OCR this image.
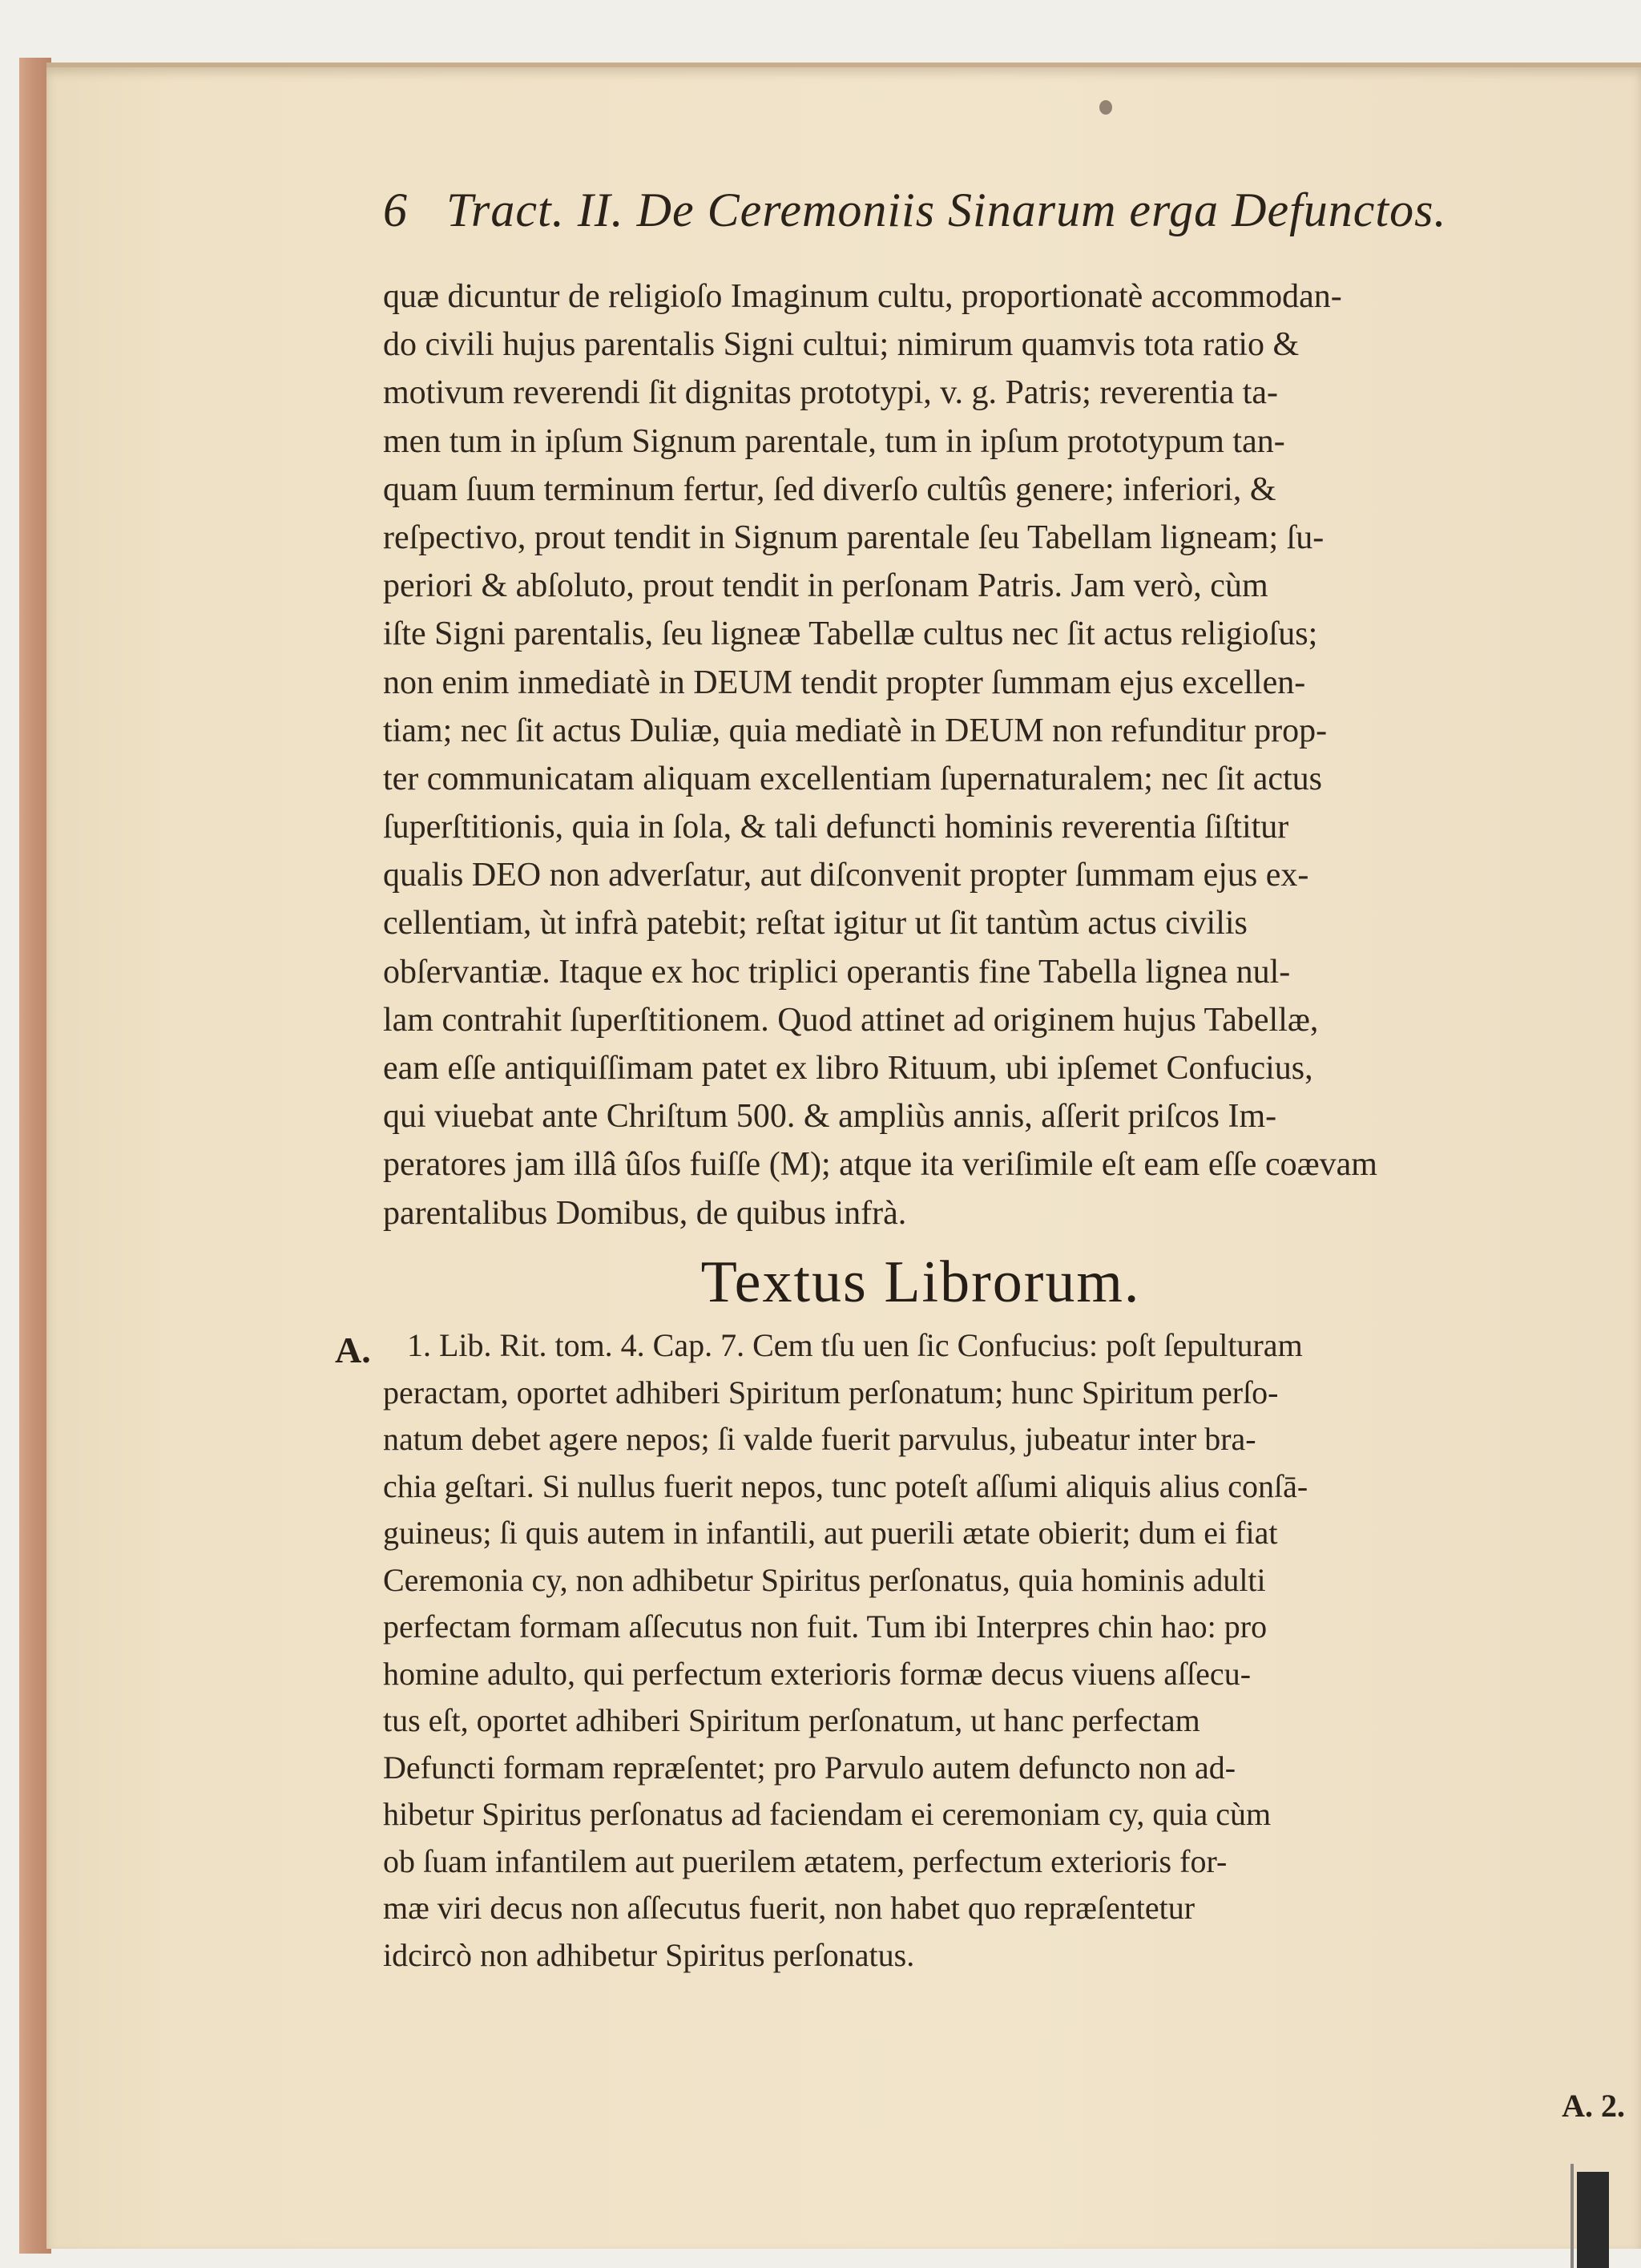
6 Tract. II. De Ceremoniis Sinarum erga Defunctos.
quæ dicuntur de religioſo Imaginum cultu, proportionatè accommodan-
do civili hujus parentalis Signi cultui; nimirum quamvis tota ratio &
motivum reverendi ſit dignitas prototypi, v. g. Patris; reverentia ta-
men tum in ipſum Signum parentale, tum in ipſum prototypum tan-
quam ſuum terminum fertur, ſed diverſo cultûs genere; inferiori, &
reſpectivo, prout tendit in Signum parentale ſeu Tabellam ligneam; ſu-
periori & abſoluto, prout tendit in perſonam Patris. Jam verò, cùm
iſte Signi parentalis, ſeu ligneæ Tabellæ cultus nec ſit actus religioſus;
non enim inmediatè in DEUM tendit propter ſummam ejus excellen-
tiam; nec ſit actus Duliæ, quia mediatè in DEUM non refunditur prop-
ter communicatam aliquam excellentiam ſupernaturalem; nec ſit actus
ſuperſtitionis, quia in ſola, & tali defuncti hominis reverentia ſiſtitur
qualis DEO non adverſatur, aut diſconvenit propter ſummam ejus ex-
cellentiam, ùt infrà patebit; reſtat igitur ut ſit tantùm actus civilis
obſervantiæ. Itaque ex hoc triplici operantis fine Tabella lignea nul-
lam contrahit ſuperſtitionem. Quod attinet ad originem hujus Tabellæ,
eam eſſe antiquiſſimam patet ex libro Rituum, ubi ipſemet Confucius,
qui viuebat ante Chriſtum 500. & ampliùs annis, aſſerit priſcos Im-
peratores jam illâ ûſos fuiſſe (M); atque ita veriſimile eſt eam eſſe coævam
parentalibus Domibus, de quibus infrà.
Textus Librorum.
A.	1. Lib. Rit. tom. 4. Cap. 7. Cem tſu uen ſic Confucius: poſt ſepulturam
peractam, oportet adhiberi Spiritum perſonatum; hunc Spiritum perſo-
natum debet agere nepos; ſi valde fuerit parvulus, jubeatur inter bra-
chia geſtari. Si nullus fuerit nepos, tunc poteſt aſſumi aliquis alius conſā-
guineus; ſi quis autem in infantili, aut puerili ætate obierit; dum ei fiat
Ceremonia cy, non adhibetur Spiritus perſonatus, quia hominis adulti
perfectam formam aſſecutus non fuit. Tum ibi Interpres chin hao: pro
homine adulto, qui perfectum exterioris formæ decus viuens aſſecu-
tus eſt, oportet adhiberi Spiritum perſonatum, ut hanc perfectam
Defuncti formam repræſentet; pro Parvulo autem defuncto non ad-
hibetur Spiritus perſonatus ad faciendam ei ceremoniam cy, quia cùm
ob ſuam infantilem aut puerilem ætatem, perfectum exterioris for-
mæ viri decus non aſſecutus fuerit, non habet quo repræſentetur
idcircò non adhibetur Spiritus perſonatus.
A. 2.
